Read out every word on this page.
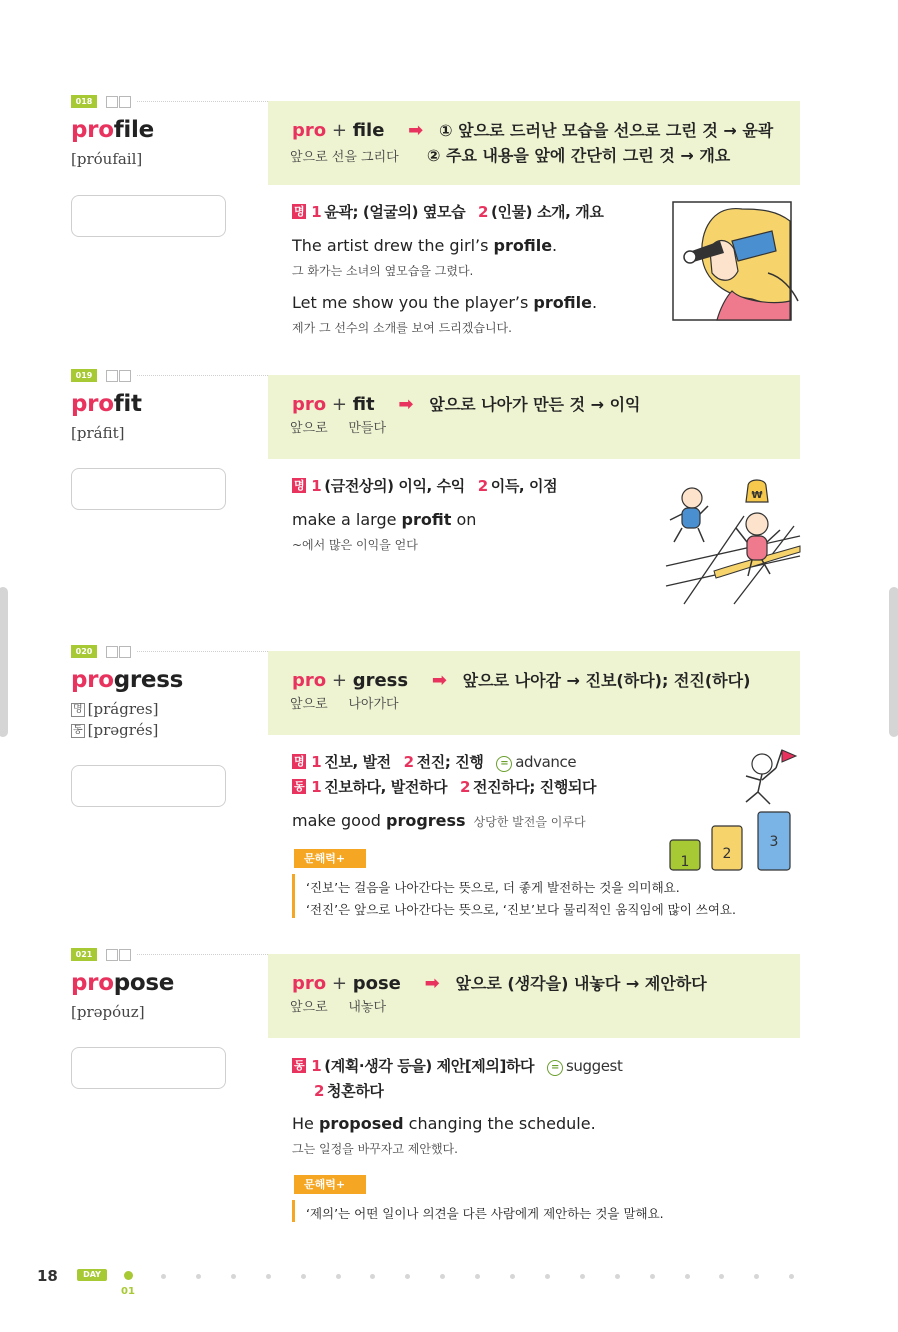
018
profile
[próufail]
pro + file ➡ ① 앞으로 드러난 모습을 선으로 그린 것 → 윤곽
앞으로 선을 그리다 ② 주요 내용을 앞에 간단히 그린 것 → 개요
명 1 윤곽; (얼굴의) 옆모습 2 (인물) 소개, 개요
The artist drew the girl’s profile.
그 화가는 소녀의 옆모습을 그렸다.
Let me show you the player’s profile.
제가 그 선수의 소개를 보여 드리겠습니다.
019
profit
[práfit]
pro + fit ➡ 앞으로 나아가 만든 것 → 이익
앞으로     만들다
명 1 (금전상의) 이익, 수익 2 이득, 이점
make a large profit on
~에서 많은 이익을 얻다
₩
020
progress
명 [prágres]
동 [prəgrés]
pro + gress ➡ 앞으로 나아감 → 진보(하다); 전진(하다)
앞으로     나아가다
명 1 진보, 발전 2 전진; 진행 = advance
동 1 진보하다, 발전하다 2 전진하다; 진행되다
make good progress 상당한 발전을 이루다
문해력+
‘진보’는 걸음을 나아간다는 뜻으로, 더 좋게 발전하는 것을 의미해요.
‘전진’은 앞으로 나아간다는 뜻으로, ‘진보’보다 물리적인 움직임에 많이 쓰여요.
1 2
3
021
propose
[prəpóuz]
pro + pose ➡ 앞으로 (생각을) 내놓다 → 제안하다
앞으로     내놓다
동 1 (계획·생각 등을) 제안[제의]하다 = suggest
2 청혼하다
He proposed changing the schedule.
그는 일정을 바꾸자고 제안했다.
문해력+
‘제의’는 어떤 일이나 의견을 다른 사람에게 제안하는 것을 말해요.
18	DAY
01
